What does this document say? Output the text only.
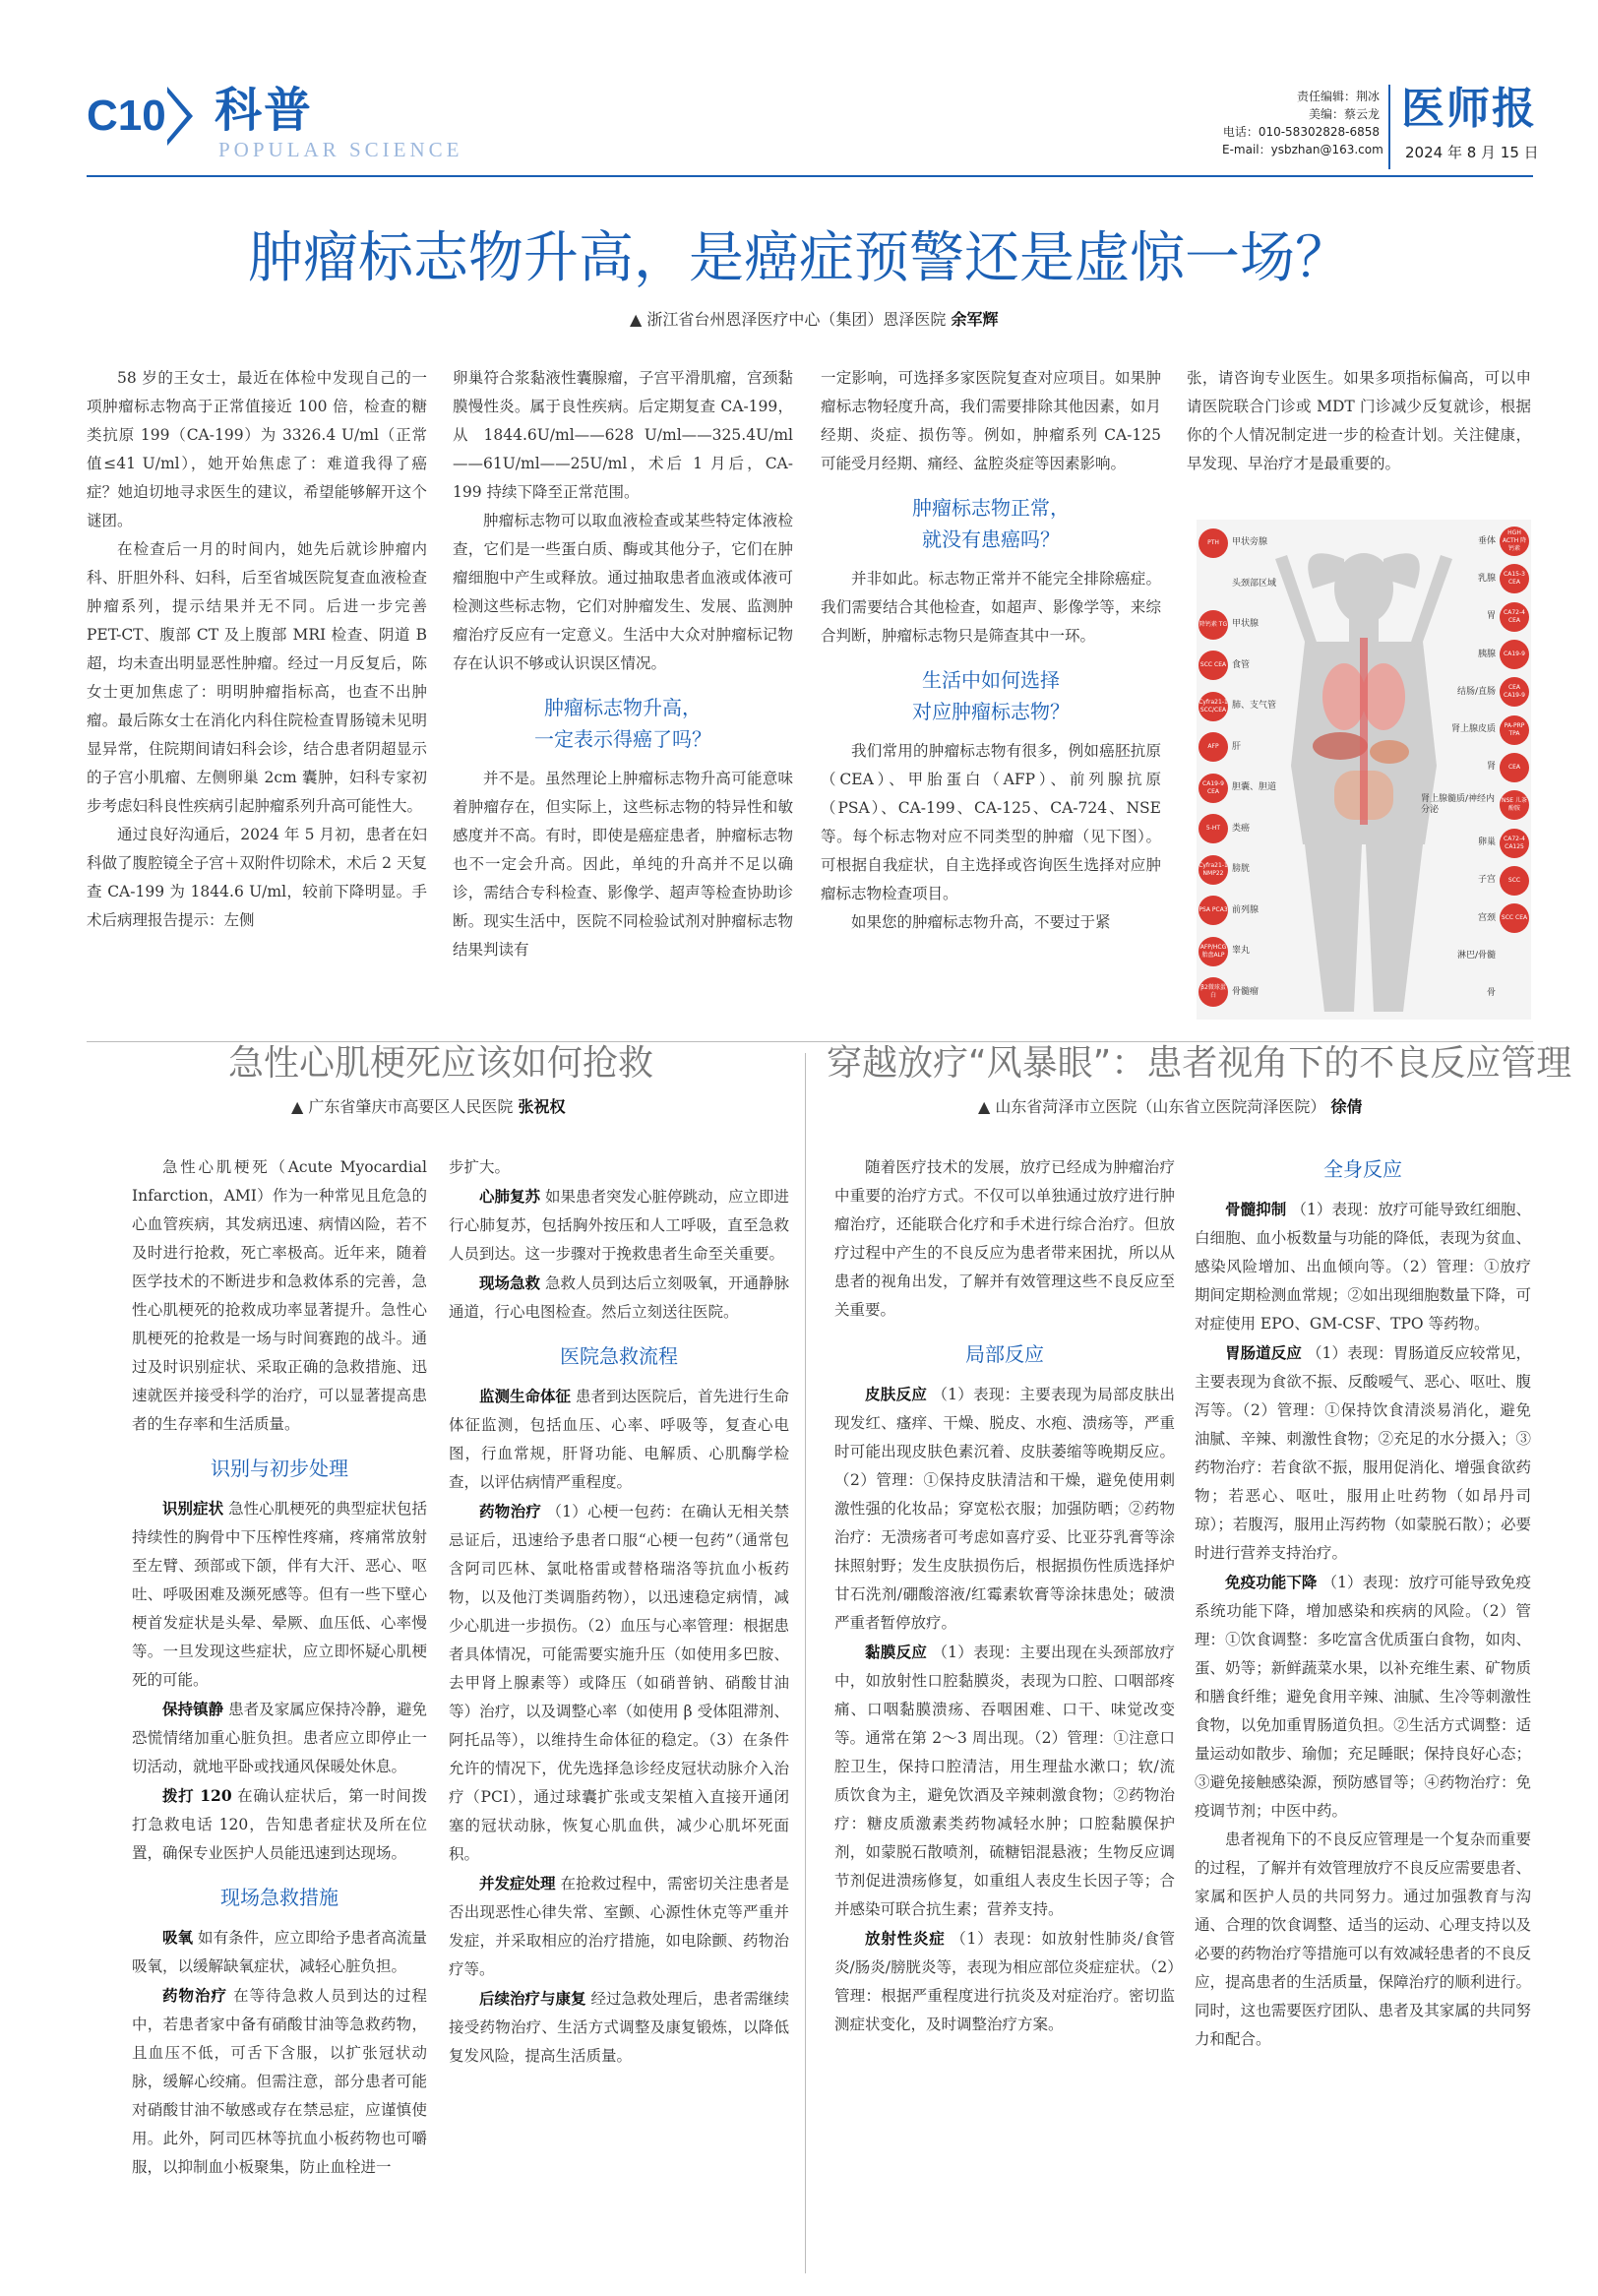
C10 科普
POPULAR SCIENCE
责任编辑：荆冰
美编：蔡云龙
电话：010-58302828-6858
E-mail：ysbzhan@163.com
医师报
2024 年 8 月 15 日
肿瘤标志物升高，是癌症预警还是虚惊一场？
▲ 浙江省台州恩泽医疗中心（集团）恩泽医院 余军辉

58 岁的王女士，最近在体检中发现自己的一项肿瘤标志物高于正常值接近 100 倍，检查的糖类抗原 199（CA-199）为 3326.4 U/ml（正常值≤41 U/ml），她开始焦虑了：难道我得了癌症？她迫切地寻求医生的建议，希望能够解开这个谜团。

在检查后一月的时间内，她先后就诊肿瘤内科、肝胆外科、妇科，后至省城医院复查血液检查肿瘤系列，提示结果并无不同。后进一步完善 PET-CT、腹部 CT 及上腹部 MRI 检查、阴道 B 超，均未查出明显恶性肿瘤。经过一月反复后，陈女士更加焦虑了：明明肿瘤指标高，也查不出肿瘤。最后陈女士在消化内科住院检查胃肠镜未见明显异常，住院期间请妇科会诊，结合患者阴超显示的子宫小肌瘤、左侧卵巢 2cm 囊肿，妇科专家初步考虑妇科良性疾病引起肿瘤系列升高可能性大。

通过良好沟通后，2024 年 5 月初，患者在妇科做了腹腔镜全子宫＋双附件切除术，术后 2 天复查 CA-199 为 1844.6 U/ml，较前下降明显。手术后病理报告提示：左侧

卵巢符合浆黏液性囊腺瘤，子宫平滑肌瘤，宫颈黏膜慢性炎。属于良性疾病。后定期复查 CA-199，从 1844.6U/ml——628 U/ml——325.4U/ml——61U/ml——25U/ml，术后 1 月后，CA-199 持续下降至正常范围。

肿瘤标志物可以取血液检查或某些特定体液检查，它们是一些蛋白质、酶或其他分子，它们在肿瘤细胞中产生或释放。通过抽取患者血液或体液可检测这些标志物，它们对肿瘤发生、发展、监测肿瘤治疗反应有一定意义。生活中大众对肿瘤标记物存在认识不够或认识误区情况。

肿瘤标志物升高，
一定表示得癌了吗？

并不是。虽然理论上肿瘤标志物升高可能意味着肿瘤存在，但实际上，这些标志物的特异性和敏感度并不高。有时，即使是癌症患者，肿瘤标志物也不一定会升高。因此，单纯的升高并不足以确诊，需结合专科检查、影像学、超声等检查协助诊断。现实生活中，医院不同检验试剂对肿瘤标志物结果判读有

一定影响，可选择多家医院复查对应项目。如果肿瘤标志物轻度升高，我们需要排除其他因素，如月经期、炎症、损伤等。例如，肿瘤系列 CA-125 可能受月经期、痛经、盆腔炎症等因素影响。

肿瘤标志物正常，
就没有患癌吗？

并非如此。标志物正常并不能完全排除癌症。我们需要结合其他检查，如超声、影像学等，来综合判断，肿瘤标志物只是筛查其中一环。

生活中如何选择
对应肿瘤标志物？

我们常用的肿瘤标志物有很多，例如癌胚抗原（CEA）、甲胎蛋白（AFP）、前列腺抗原（PSA）、CA-199、CA-125、CA-724、NSE 等。每个标志物对应不同类型的肿瘤（见下图）。可根据自我症状，自主选择或咨询医生选择对应肿瘤标志物检查项目。

如果您的肿瘤标志物升高，不要过于紧

张，请咨询专业医生。如果多项指标偏高，可以申请医院联合门诊或 MDT 门诊减少反复就诊，根据你的个人情况制定进一步的检查计划。关注健康，早发现、早治疗才是最重要的。

PTH	甲状旁腺
头颈部区域
降钙素 TG 甲状腺
SCC CEA 食管
Cyfra21-1 SCC/CEA 肺、支气管
AFP	肝
CA19-9 CEA	胆囊、胆道
5-HT	类癌
Cyfra21-1 NMP22 膀胱
PSA PCA3 前列腺
AFP/HCG 胎盘ALP 睾丸
β2微球蛋白	骨髓瘤
HGH ACTH 降钙素
垂体
CA15-3 CEA
乳腺
CA72-4 CEA
胃
CA19-9
胰腺
CEA CA19-9
结肠/直肠
PA-PRP TPA
肾上腺皮质
CEA
肾
NSE 儿茶酚胺
肾上腺髓质/神经内分泌
CA72-4 CA125
卵巢
SCC
子宫
SCC CEA
宫颈
淋巴/骨髓
骨
急性心肌梗死应该如何抢救
▲ 广东省肇庆市高要区人民医院 张祝权

急性心肌梗死（Acute Myocardial Infarction，AMI）作为一种常见且危急的心血管疾病，其发病迅速、病情凶险，若不及时进行抢救，死亡率极高。近年来，随着医学技术的不断进步和急救体系的完善，急性心肌梗死的抢救成功率显著提升。急性心肌梗死的抢救是一场与时间赛跑的战斗。通过及时识别症状、采取正确的急救措施、迅速就医并接受科学的治疗，可以显著提高患者的生存率和生活质量。

识别与初步处理

识别症状 急性心肌梗死的典型症状包括持续性的胸骨中下压榨性疼痛，疼痛常放射至左臂、颈部或下颌，伴有大汗、恶心、呕吐、呼吸困难及濒死感等。但有一些下壁心梗首发症状是头晕、晕厥、血压低、心率慢等。一旦发现这些症状，应立即怀疑心肌梗死的可能。

保持镇静 患者及家属应保持冷静，避免恐慌情绪加重心脏负担。患者应立即停止一切活动，就地平卧或找通风保暖处休息。

拨打 120 在确认症状后，第一时间拨打急救电话 120，告知患者症状及所在位置，确保专业医护人员能迅速到达现场。

现场急救措施

吸氧 如有条件，应立即给予患者高流量吸氧，以缓解缺氧症状，减轻心脏负担。

药物治疗 在等待急救人员到达的过程中，若患者家中备有硝酸甘油等急救药物，且血压不低，可舌下含服，以扩张冠状动脉，缓解心绞痛。但需注意，部分患者可能对硝酸甘油不敏感或存在禁忌症，应谨慎使用。此外，阿司匹林等抗血小板药物也可嚼服，以抑制血小板聚集，防止血栓进一

步扩大。

心肺复苏 如果患者突发心脏停跳动，应立即进行心肺复苏，包括胸外按压和人工呼吸，直至急救人员到达。这一步骤对于挽救患者生命至关重要。

现场急救 急救人员到达后立刻吸氧，开通静脉通道，行心电图检查。然后立刻送往医院。

医院急救流程

监测生命体征 患者到达医院后，首先进行生命体征监测，包括血压、心率、呼吸等，复查心电图，行血常规，肝肾功能、电解质、心肌酶学检查，以评估病情严重程度。

药物治疗 （1）心梗一包药：在确认无相关禁忌证后，迅速给予患者口服“心梗一包药”（通常包含阿司匹林、氯吡格雷或替格瑞洛等抗血小板药物，以及他汀类调脂药物），以迅速稳定病情，减少心肌进一步损伤。（2）血压与心率管理：根据患者具体情况，可能需要实施升压（如使用多巴胺、去甲肾上腺素等）或降压（如硝普钠、硝酸甘油等）治疗，以及调整心率（如使用 β 受体阻滞剂、阿托品等），以维持生命体征的稳定。（3）在条件允许的情况下，优先选择急诊经皮冠状动脉介入治疗（PCI），通过球囊扩张或支架植入直接开通闭塞的冠状动脉，恢复心肌血供，减少心肌坏死面积。

并发症处理 在抢救过程中，需密切关注患者是否出现恶性心律失常、室颤、心源性休克等严重并发症，并采取相应的治疗措施，如电除颤、药物治疗等。

后续治疗与康复 经过急救处理后，患者需继续接受药物治疗、生活方式调整及康复锻炼，以降低复发风险，提高生活质量。

穿越放疗“风暴眼”：患者视角下的不良反应管理
▲ 山东省菏泽市立医院（山东省立医院菏泽医院） 徐倩

随着医疗技术的发展，放疗已经成为肿瘤治疗中重要的治疗方式。不仅可以单独通过放疗进行肿瘤治疗，还能联合化疗和手术进行综合治疗。但放疗过程中产生的不良反应为患者带来困扰，所以从患者的视角出发，了解并有效管理这些不良反应至关重要。

局部反应

皮肤反应 （1）表现：主要表现为局部皮肤出现发红、瘙痒、干燥、脱皮、水疱、溃疡等，严重时可能出现皮肤色素沉着、皮肤萎缩等晚期反应。（2）管理：①保持皮肤清洁和干燥，避免使用刺激性强的化妆品；穿宽松衣服；加强防晒；②药物治疗：无溃疡者可考虑如喜疗妥、比亚芬乳膏等涂抹照射野；发生皮肤损伤后，根据损伤性质选择炉甘石洗剂/硼酸溶液/红霉素软膏等涂抹患处；破溃严重者暂停放疗。

黏膜反应 （1）表现：主要出现在头颈部放疗中，如放射性口腔黏膜炎，表现为口腔、口咽部疼痛、口咽黏膜溃疡、吞咽困难、口干、味觉改变等。通常在第 2～3 周出现。（2）管理：①注意口腔卫生，保持口腔清洁，用生理盐水漱口；软/流质饮食为主，避免饮酒及辛辣刺激食物；②药物治疗：糖皮质激素类药物减轻水肿；口腔黏膜保护剂，如蒙脱石散喷剂，硫糖铝混悬液；生物反应调节剂促进溃疡修复，如重组人表皮生长因子等；合并感染可联合抗生素；营养支持。

放射性炎症 （1）表现：如放射性肺炎/食管炎/肠炎/膀胱炎等，表现为相应部位炎症症状。（2）管理：根据严重程度进行抗炎及对症治疗。密切监测症状变化，及时调整治疗方案。

全身反应

骨髓抑制 （1）表现：放疗可能导致红细胞、白细胞、血小板数量与功能的降低，表现为贫血、感染风险增加、出血倾向等。（2）管理：①放疗期间定期检测血常规；②如出现细胞数量下降，可对症使用 EPO、GM-CSF、TPO 等药物。

胃肠道反应 （1）表现：胃肠道反应较常见，主要表现为食欲不振、反酸嗳气、恶心、呕吐、腹泻等。（2）管理：①保持饮食清淡易消化，避免油腻、辛辣、刺激性食物；②充足的水分摄入；③药物治疗：若食欲不振，服用促消化、增强食欲药物；若恶心、呕吐，服用止吐药物（如昂丹司琼）；若腹泻，服用止泻药物（如蒙脱石散）；必要时进行营养支持治疗。

免疫功能下降 （1）表现：放疗可能导致免疫系统功能下降，增加感染和疾病的风险。（2）管理：①饮食调整：多吃富含优质蛋白食物，如肉、蛋、奶等；新鲜蔬菜水果，以补充维生素、矿物质和膳食纤维；避免食用辛辣、油腻、生冷等刺激性食物，以免加重胃肠道负担。②生活方式调整：适量运动如散步、瑜伽；充足睡眠；保持良好心态；③避免接触感染源，预防感冒等；④药物治疗：免疫调节剂；中医中药。

患者视角下的不良反应管理是一个复杂而重要的过程，了解并有效管理放疗不良反应需要患者、家属和医护人员的共同努力。通过加强教育与沟通、合理的饮食调整、适当的运动、心理支持以及必要的药物治疗等措施可以有效减轻患者的不良反应，提高患者的生活质量，保障治疗的顺利进行。同时，这也需要医疗团队、患者及其家属的共同努力和配合。
